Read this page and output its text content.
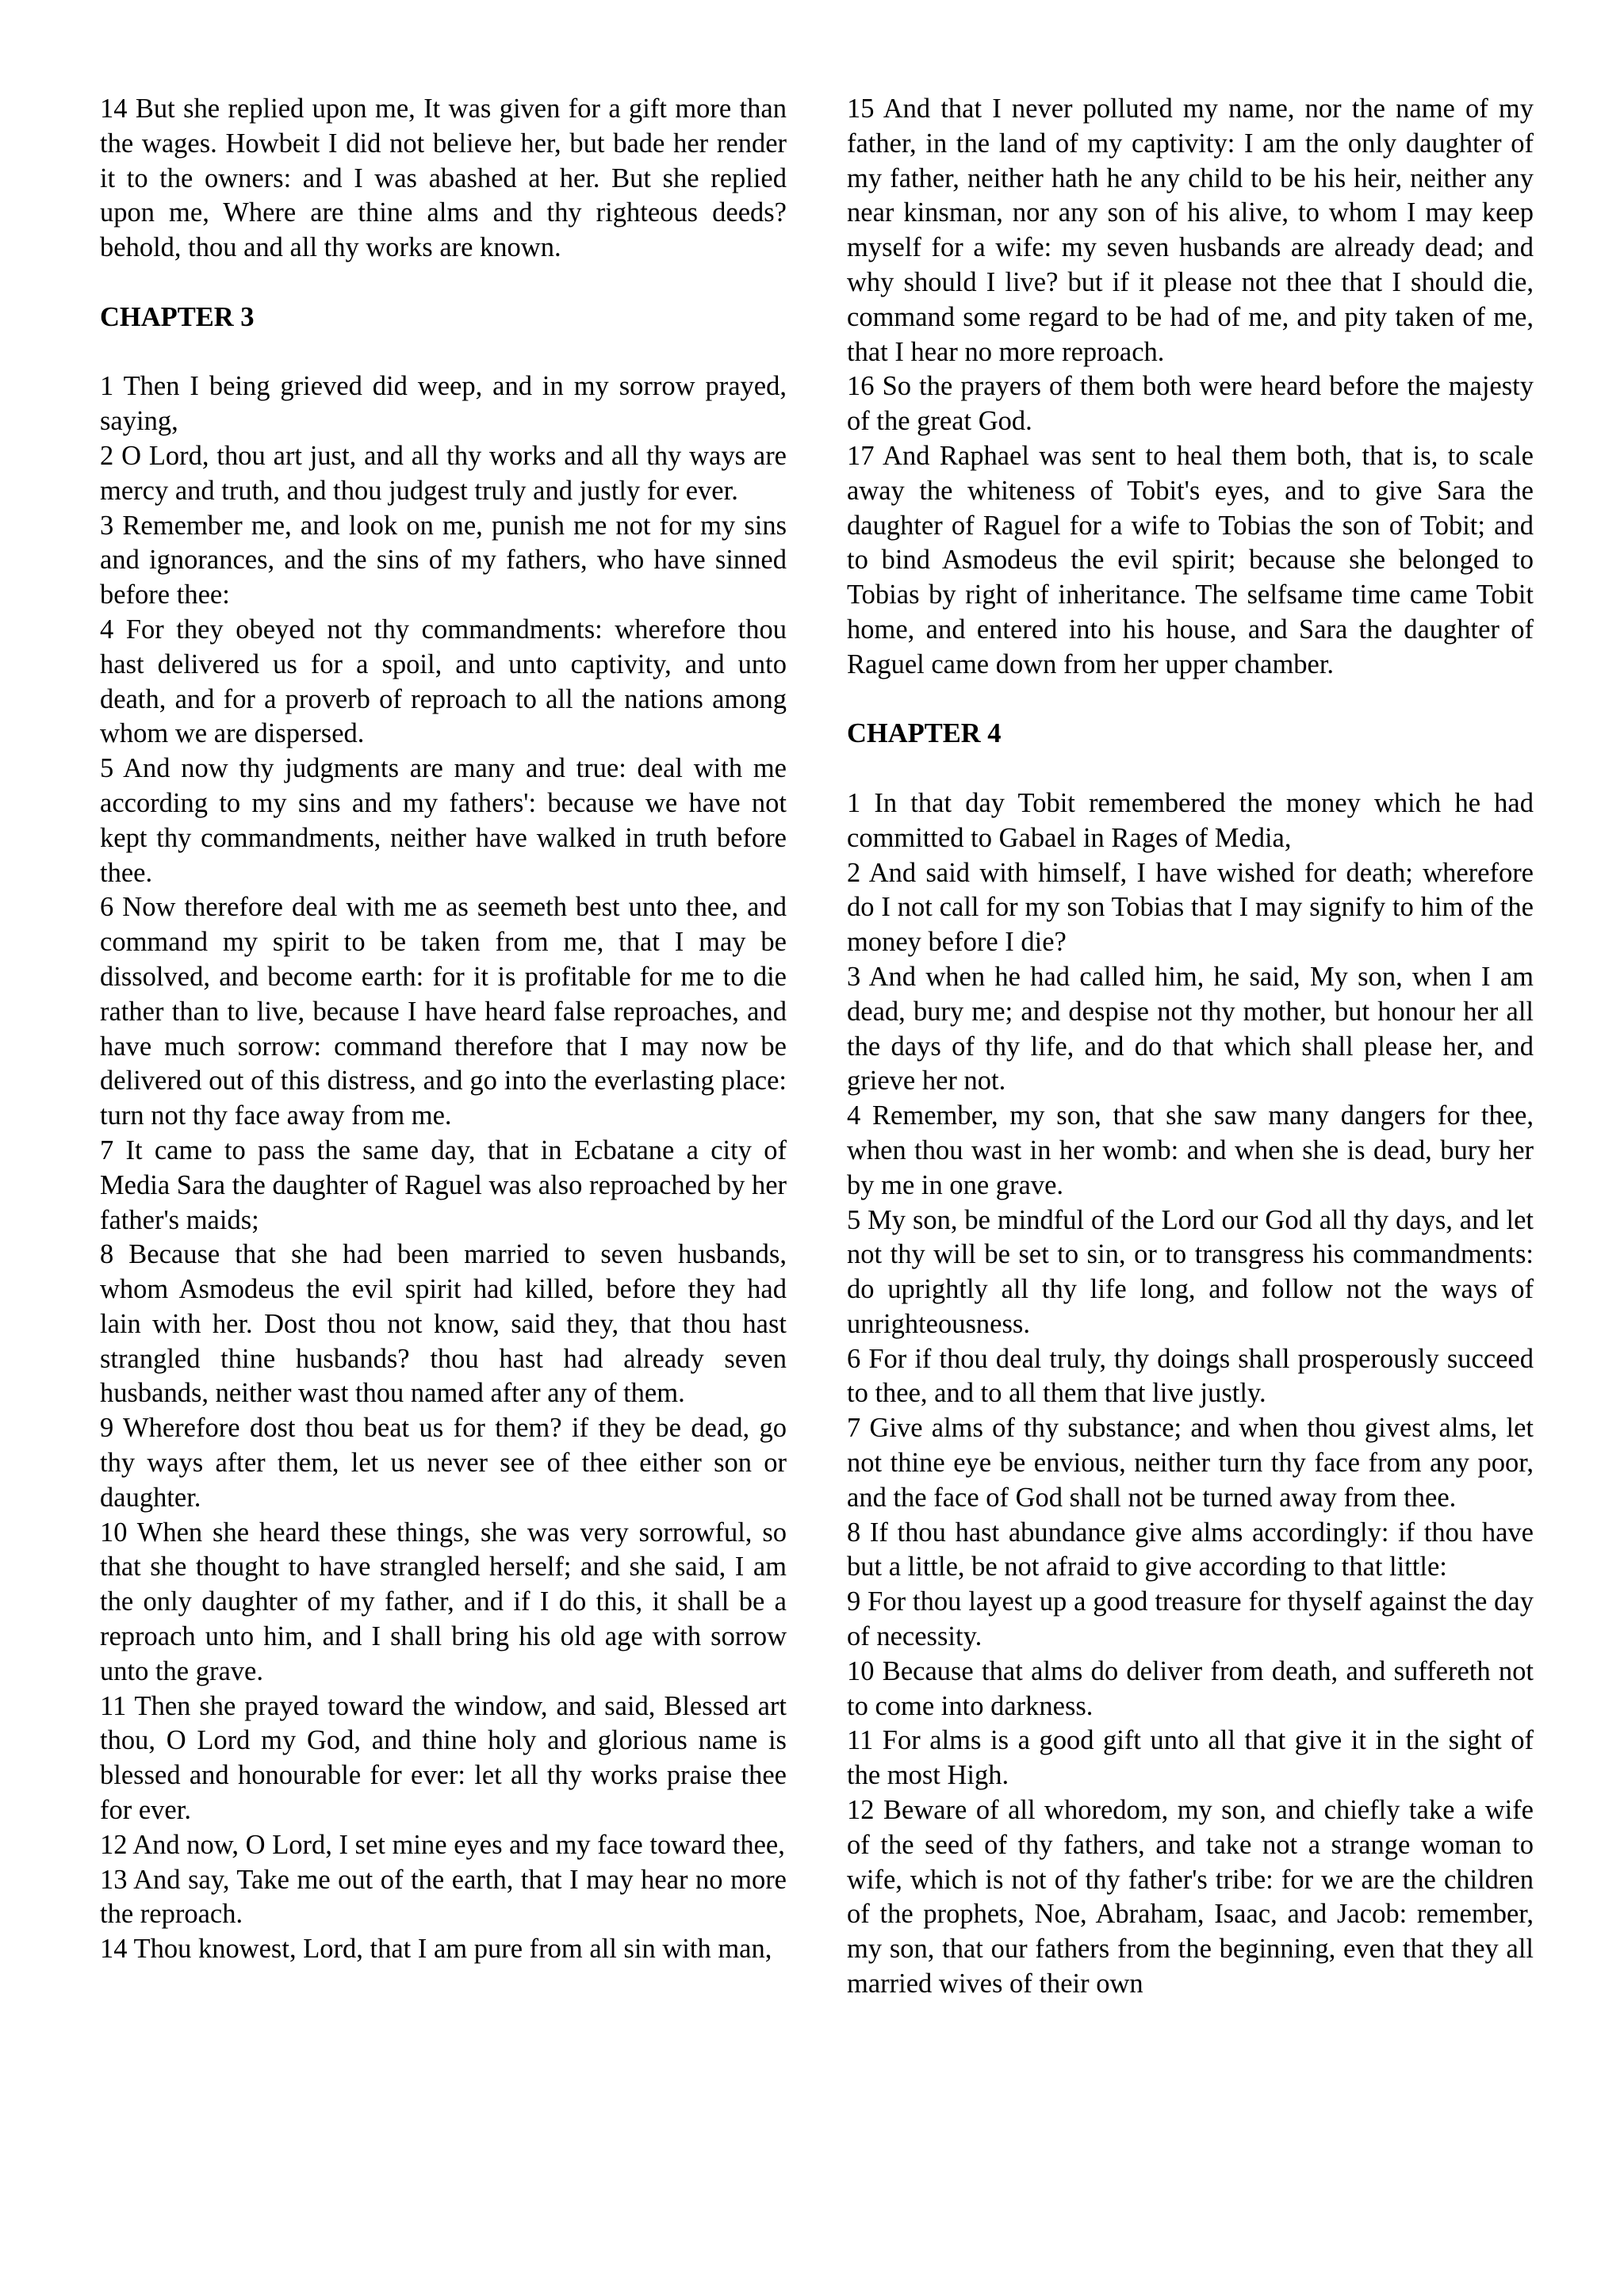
14 But she replied upon me, It was given for a gift more than the wages. Howbeit I did not believe her, but bade her render it to the owners: and I was abashed at her. But she replied upon me, Where are thine alms and thy righteous deeds? behold, thou and all thy works are known.

CHAPTER 3

1 Then I being grieved did weep, and in my sorrow prayed, saying,

2 O Lord, thou art just, and all thy works and all thy ways are mercy and truth, and thou judgest truly and justly for ever.

3 Remember me, and look on me, punish me not for my sins and ignorances, and the sins of my fathers, who have sinned before thee:

4 For they obeyed not thy commandments: wherefore thou hast delivered us for a spoil, and unto captivity, and unto death, and for a proverb of reproach to all the nations among whom we are dispersed.

5 And now thy judgments are many and true: deal with me according to my sins and my fathers': because we have not kept thy commandments, neither have walked in truth before thee.

6 Now therefore deal with me as seemeth best unto thee, and command my spirit to be taken from me, that I may be dissolved, and become earth: for it is profitable for me to die rather than to live, because I have heard false reproaches, and have much sorrow: command therefore that I may now be delivered out of this distress, and go into the everlasting place: turn not thy face away from me.

7 It came to pass the same day, that in Ecbatane a city of Media Sara the daughter of Raguel was also reproached by her father's maids;

8 Because that she had been married to seven husbands, whom Asmodeus the evil spirit had killed, before they had lain with her. Dost thou not know, said they, that thou hast strangled thine husbands? thou hast had already seven husbands, neither wast thou named after any of them.

9 Wherefore dost thou beat us for them? if they be dead, go thy ways after them, let us never see of thee either son or daughter.

10 When she heard these things, she was very sorrowful, so that she thought to have strangled herself; and she said, I am the only daughter of my father, and if I do this, it shall be a reproach unto him, and I shall bring his old age with sorrow unto the grave.

11 Then she prayed toward the window, and said, Blessed art thou, O Lord my God, and thine holy and glorious name is blessed and honourable for ever: let all thy works praise thee for ever.

12 And now, O Lord, I set mine eyes and my face toward thee,

13 And say, Take me out of the earth, that I may hear no more the reproach.

14 Thou knowest, Lord, that I am pure from all sin with man,

15 And that I never polluted my name, nor the name of my father, in the land of my captivity: I am the only daughter of my father, neither hath he any child to be his heir, neither any near kinsman, nor any son of his alive, to whom I may keep myself for a wife: my seven husbands are already dead; and why should I live? but if it please not thee that I should die, command some regard to be had of me, and pity taken of me, that I hear no more reproach.

16 So the prayers of them both were heard before the majesty of the great God.

17 And Raphael was sent to heal them both, that is, to scale away the whiteness of Tobit's eyes, and to give Sara the daughter of Raguel for a wife to Tobias the son of Tobit; and to bind Asmodeus the evil spirit; because she belonged to Tobias by right of inheritance. The selfsame time came Tobit home, and entered into his house, and Sara the daughter of Raguel came down from her upper chamber.

CHAPTER 4

1 In that day Tobit remembered the money which he had committed to Gabael in Rages of Media,

2 And said with himself, I have wished for death; wherefore do I not call for my son Tobias that I may signify to him of the money before I die?

3 And when he had called him, he said, My son, when I am dead, bury me; and despise not thy mother, but honour her all the days of thy life, and do that which shall please her, and grieve her not.

4 Remember, my son, that she saw many dangers for thee, when thou wast in her womb: and when she is dead, bury her by me in one grave.

5 My son, be mindful of the Lord our God all thy days, and let not thy will be set to sin, or to transgress his commandments: do uprightly all thy life long, and follow not the ways of unrighteousness.

6 For if thou deal truly, thy doings shall prosperously succeed to thee, and to all them that live justly.

7 Give alms of thy substance; and when thou givest alms, let not thine eye be envious, neither turn thy face from any poor, and the face of God shall not be turned away from thee.

8 If thou hast abundance give alms accordingly: if thou have but a little, be not afraid to give according to that little:

9 For thou layest up a good treasure for thyself against the day of necessity.

10 Because that alms do deliver from death, and suffereth not to come into darkness.

11 For alms is a good gift unto all that give it in the sight of the most High.

12 Beware of all whoredom, my son, and chiefly take a wife of the seed of thy fathers, and take not a strange woman to wife, which is not of thy father's tribe: for we are the children of the prophets, Noe, Abraham, Isaac, and Jacob: remember, my son, that our fathers from the beginning, even that they all married wives of their own
